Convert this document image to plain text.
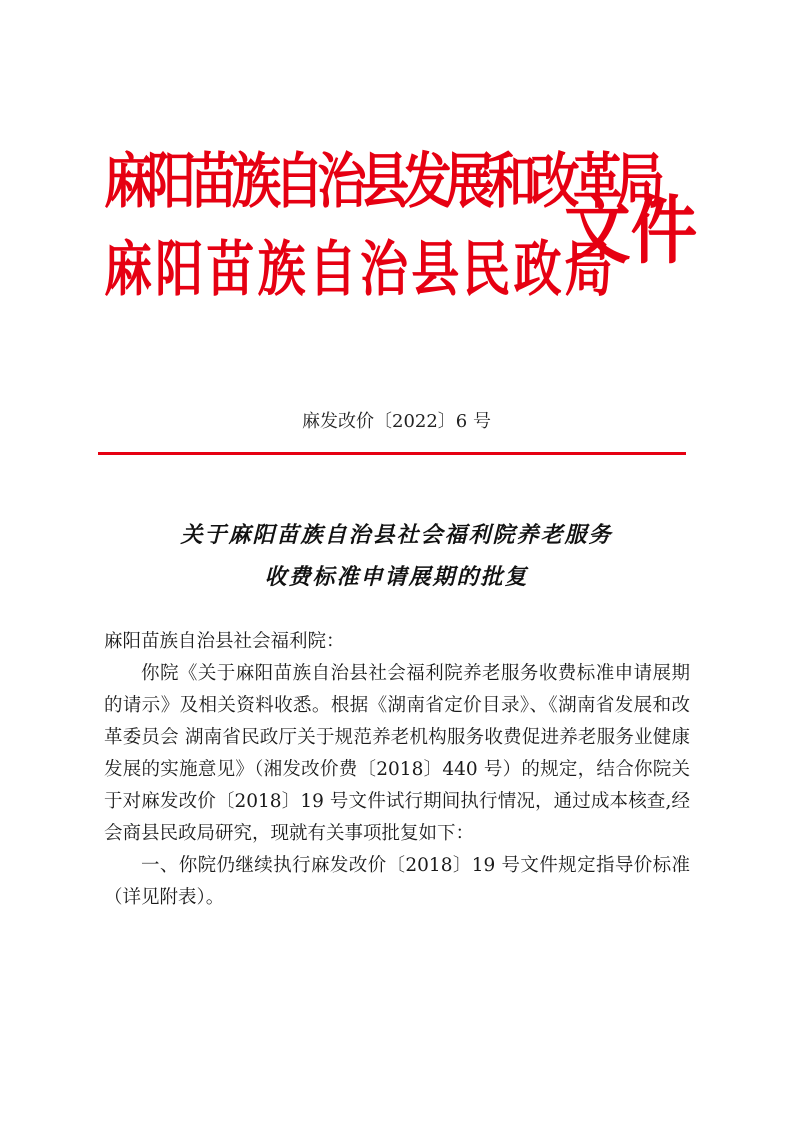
麻阳苗族自治县发展和改革局
麻阳苗族自治县民政局
文件
麻发改价〔2022〕6 号
关于麻阳苗族自治县社会福利院养老服务
收费标准申请展期的批复

麻阳苗族自治县社会福利院：

你院《关于麻阳苗族自治县社会福利院养老服务收费标准申请展期的请示》及相关资料收悉。根据《湖南省定价目录》、《湖南省发展和改革委员会 湖南省民政厅关于规范养老机构服务收费促进养老服务业健康发展的实施意见》（湘发改价费〔2018〕440 号）的规定，结合你院关于对麻发改价〔2018〕19 号文件试行期间执行情况，通过成本核查,经会商县民政局研究，现就有关事项批复如下：

一、你院仍继续执行麻发改价〔2018〕19 号文件规定指导价标准（详见附表）。
